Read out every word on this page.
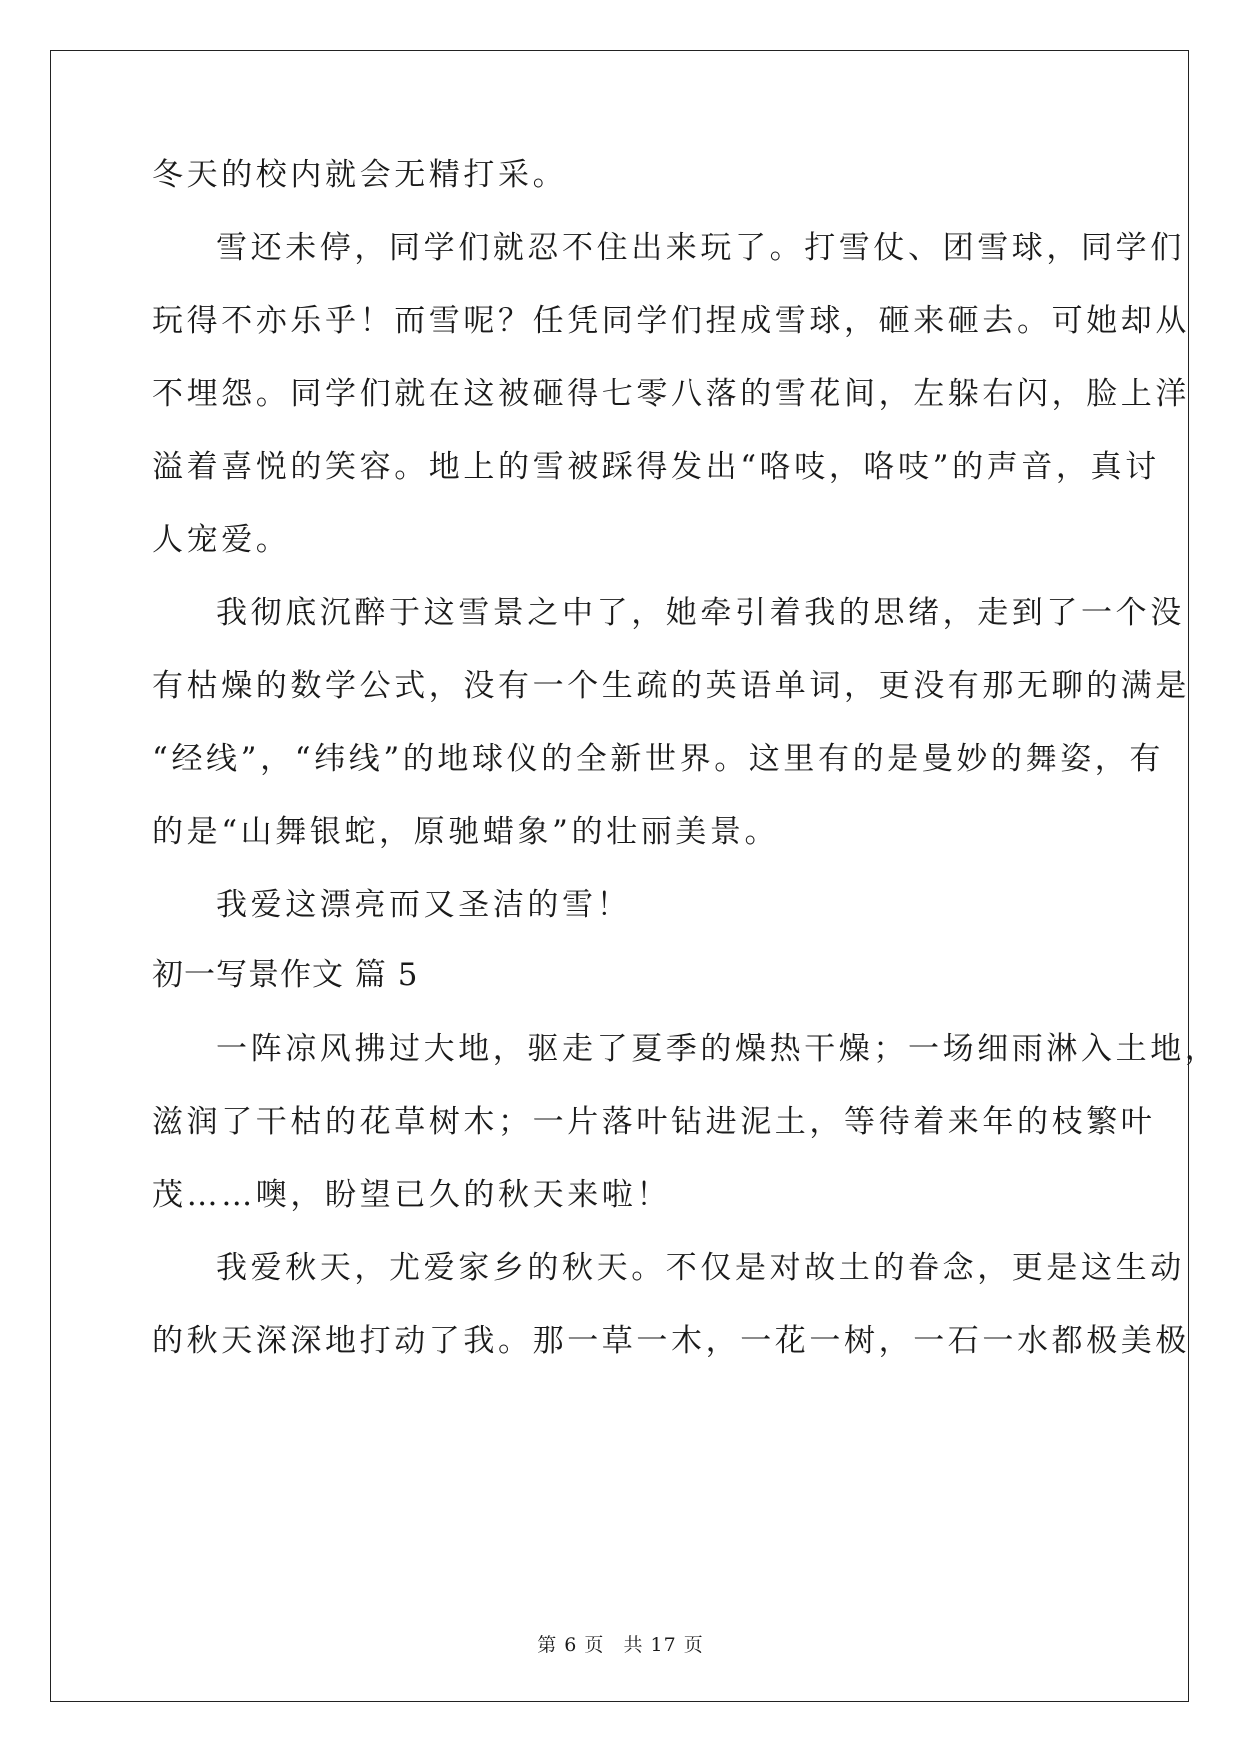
冬天的校内就会无精打采。
雪还未停，同学们就忍不住出来玩了。打雪仗、团雪球，同学们
玩得不亦乐乎！而雪呢？任凭同学们捏成雪球，砸来砸去。可她却从
不埋怨。同学们就在这被砸得七零八落的雪花间，左躲右闪，脸上洋
溢着喜悦的笑容。地上的雪被踩得发出“咯吱，咯吱”的声音，真讨
人宠爱。
我彻底沉醉于这雪景之中了，她牵引着我的思绪，走到了一个没
有枯燥的数学公式，没有一个生疏的英语单词，更没有那无聊的满是
“经线”，“纬线”的地球仪的全新世界。这里有的是曼妙的舞姿，有
的是“山舞银蛇，原驰蜡象”的壮丽美景。
我爱这漂亮而又圣洁的雪！
初一写景作文 篇 5
一阵凉风拂过大地，驱走了夏季的燥热干燥；一场细雨淋入土地，
滋润了干枯的花草树木；一片落叶钻进泥土，等待着来年的枝繁叶
茂……噢，盼望已久的秋天来啦！
我爱秋天，尤爱家乡的秋天。不仅是对故土的眷念，更是这生动
的秋天深深地打动了我。那一草一木，一花一树，一石一水都极美极
第 6 页 共 17 页
